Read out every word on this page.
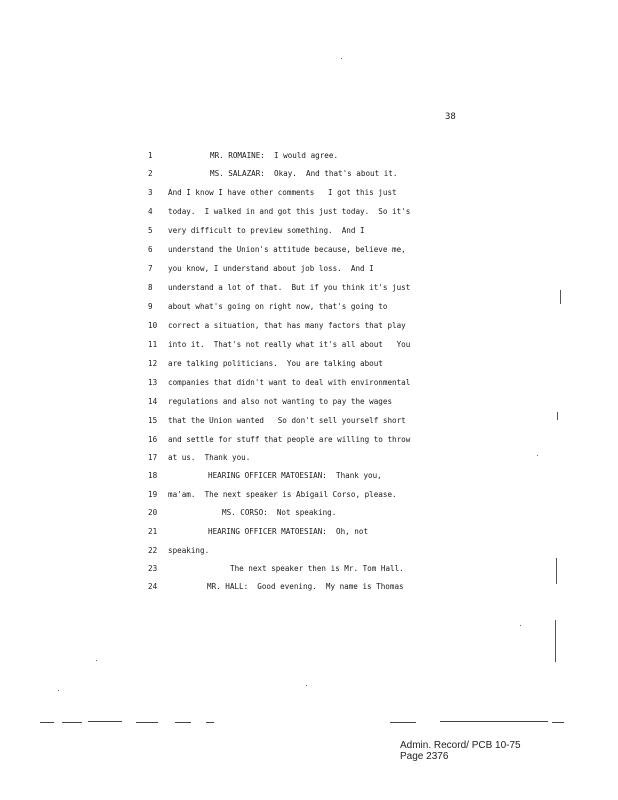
38
1	MR. ROMAINE:  I would agree.
2	MS. SALAZAR:  Okay.  And that's about it.
3	And I know I have other comments   I got this just
4	today.  I walked in and got this just today.  So it's
5	very difficult to preview something.  And I
6	understand the Union's attitude because, believe me,
7	you know, I understand about job loss.  And I
8	understand a lot of that.  But if you think it's just
9	about what's going on right now, that's going to
10	correct a situation, that has many factors that play
11	into it.  That's not really what it's all about   You
12	are talking politicians.  You are talking about
13	companies that didn't want to deal with environmental
14	regulations and also not wanting to pay the wages
15	that the Union wanted   So don't sell yourself short
16	and settle for stuff that people are willing to throw
17	at us.  Thank you.
18	HEARING OFFICER MATOESIAN:  Thank you,
19	ma'am.  The next speaker is Abigail Corso, please.
20	MS. CORSO:  Not speaking.
21	HEARING OFFICER MATOESIAN:  Oh, not
22	speaking.
23	The next speaker then is Mr. Tom Hall.
24	MR. HALL:  Good evening.  My name is Thomas
Admin. Record/ PCB 10-75
Page 2376
